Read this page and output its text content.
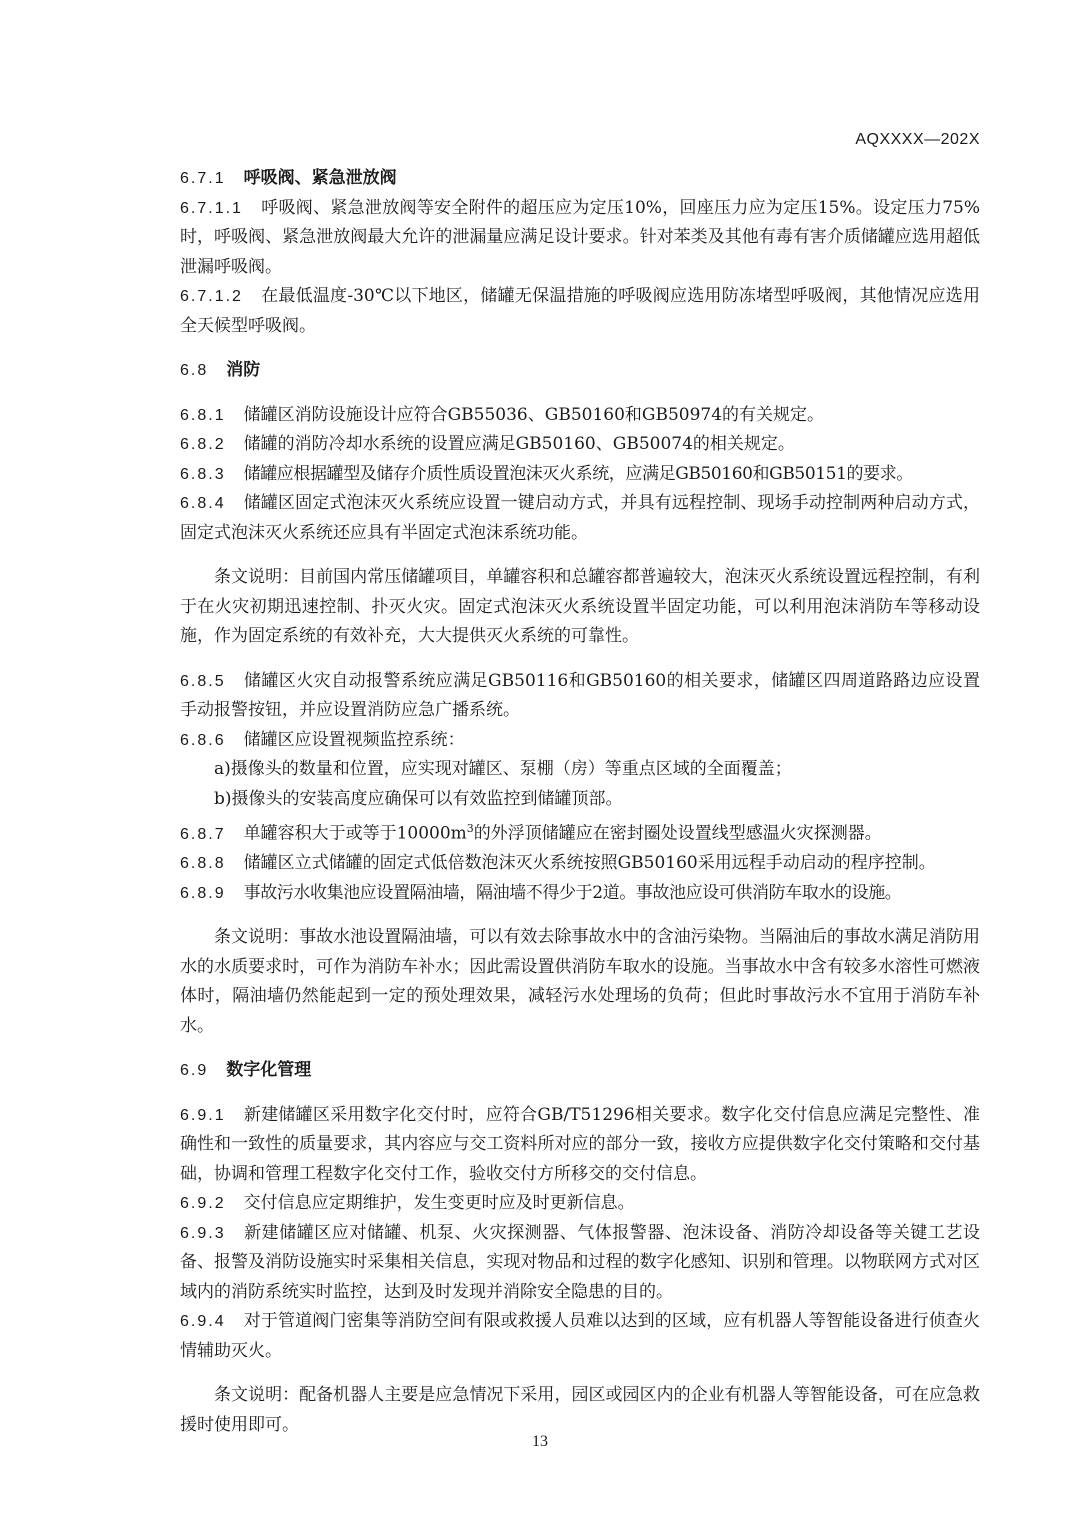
AQXXXX—202X

6.7.1 呼吸阀、紧急泄放阀

6.7.1.1 呼吸阀、紧急泄放阀等安全附件的超压应为定压10%，回座压力应为定压15%。设定压力75%时，呼吸阀、紧急泄放阀最大允许的泄漏量应满足设计要求。针对苯类及其他有毒有害介质储罐应选用超低泄漏呼吸阀。

6.7.1.2 在最低温度-30℃以下地区，储罐无保温措施的呼吸阀应选用防冻堵型呼吸阀，其他情况应选用全天候型呼吸阀。

6.8 消防

6.8.1 储罐区消防设施设计应符合GB55036、GB50160和GB50974的有关规定。

6.8.2 储罐的消防冷却水系统的设置应满足GB50160、GB50074的相关规定。

6.8.3 储罐应根据罐型及储存介质性质设置泡沫灭火系统，应满足GB50160和GB50151的要求。

6.8.4 储罐区固定式泡沫灭火系统应设置一键启动方式，并具有远程控制、现场手动控制两种启动方式，固定式泡沫灭火系统还应具有半固定式泡沫系统功能。

条文说明：目前国内常压储罐项目，单罐容积和总罐容都普遍较大，泡沫灭火系统设置远程控制，有利于在火灾初期迅速控制、扑灭火灾。固定式泡沫灭火系统设置半固定功能，可以利用泡沫消防车等移动设施，作为固定系统的有效补充，大大提供灭火系统的可靠性。

6.8.5 储罐区火灾自动报警系统应满足GB50116和GB50160的相关要求，储罐区四周道路路边应设置手动报警按钮，并应设置消防应急广播系统。

6.8.6 储罐区应设置视频监控系统：

a)摄像头的数量和位置，应实现对罐区、泵棚（房）等重点区域的全面覆盖；

b)摄像头的安装高度应确保可以有效监控到储罐顶部。

6.8.7 单罐容积大于或等于$10000m^3$的外浮顶储罐应在密封圈处设置线型感温火灾探测器。

6.8.8 储罐区立式储罐的固定式低倍数泡沫灭火系统按照GB50160采用远程手动启动的程序控制。

6.8.9 事故污水收集池应设置隔油墙，隔油墙不得少于2道。事故池应设可供消防车取水的设施。

条文说明：事故水池设置隔油墙，可以有效去除事故水中的含油污染物。当隔油后的事故水满足消防用水的水质要求时，可作为消防车补水；因此需设置供消防车取水的设施。当事故水中含有较多水溶性可燃液体时，隔油墙仍然能起到一定的预处理效果，减轻污水处理场的负荷；但此时事故污水不宜用于消防车补水。

6.9 数字化管理

6.9.1 新建储罐区采用数字化交付时，应符合GB/T51296相关要求。数字化交付信息应满足完整性、准确性和一致性的质量要求，其内容应与交工资料所对应的部分一致，接收方应提供数字化交付策略和交付基础，协调和管理工程数字化交付工作，验收交付方所移交的交付信息。

6.9.2 交付信息应定期维护，发生变更时应及时更新信息。

6.9.3 新建储罐区应对储罐、机泵、火灾探测器、气体报警器、泡沫设备、消防冷却设备等关键工艺设备、报警及消防设施实时采集相关信息，实现对物品和过程的数字化感知、识别和管理。以物联网方式对区域内的消防系统实时监控，达到及时发现并消除安全隐患的目的。

6.9.4 对于管道阀门密集等消防空间有限或救援人员难以达到的区域，应有机器人等智能设备进行侦查火情辅助灭火。

条文说明：配备机器人主要是应急情况下采用，园区或园区内的企业有机器人等智能设备，可在应急救援时使用即可。

13
